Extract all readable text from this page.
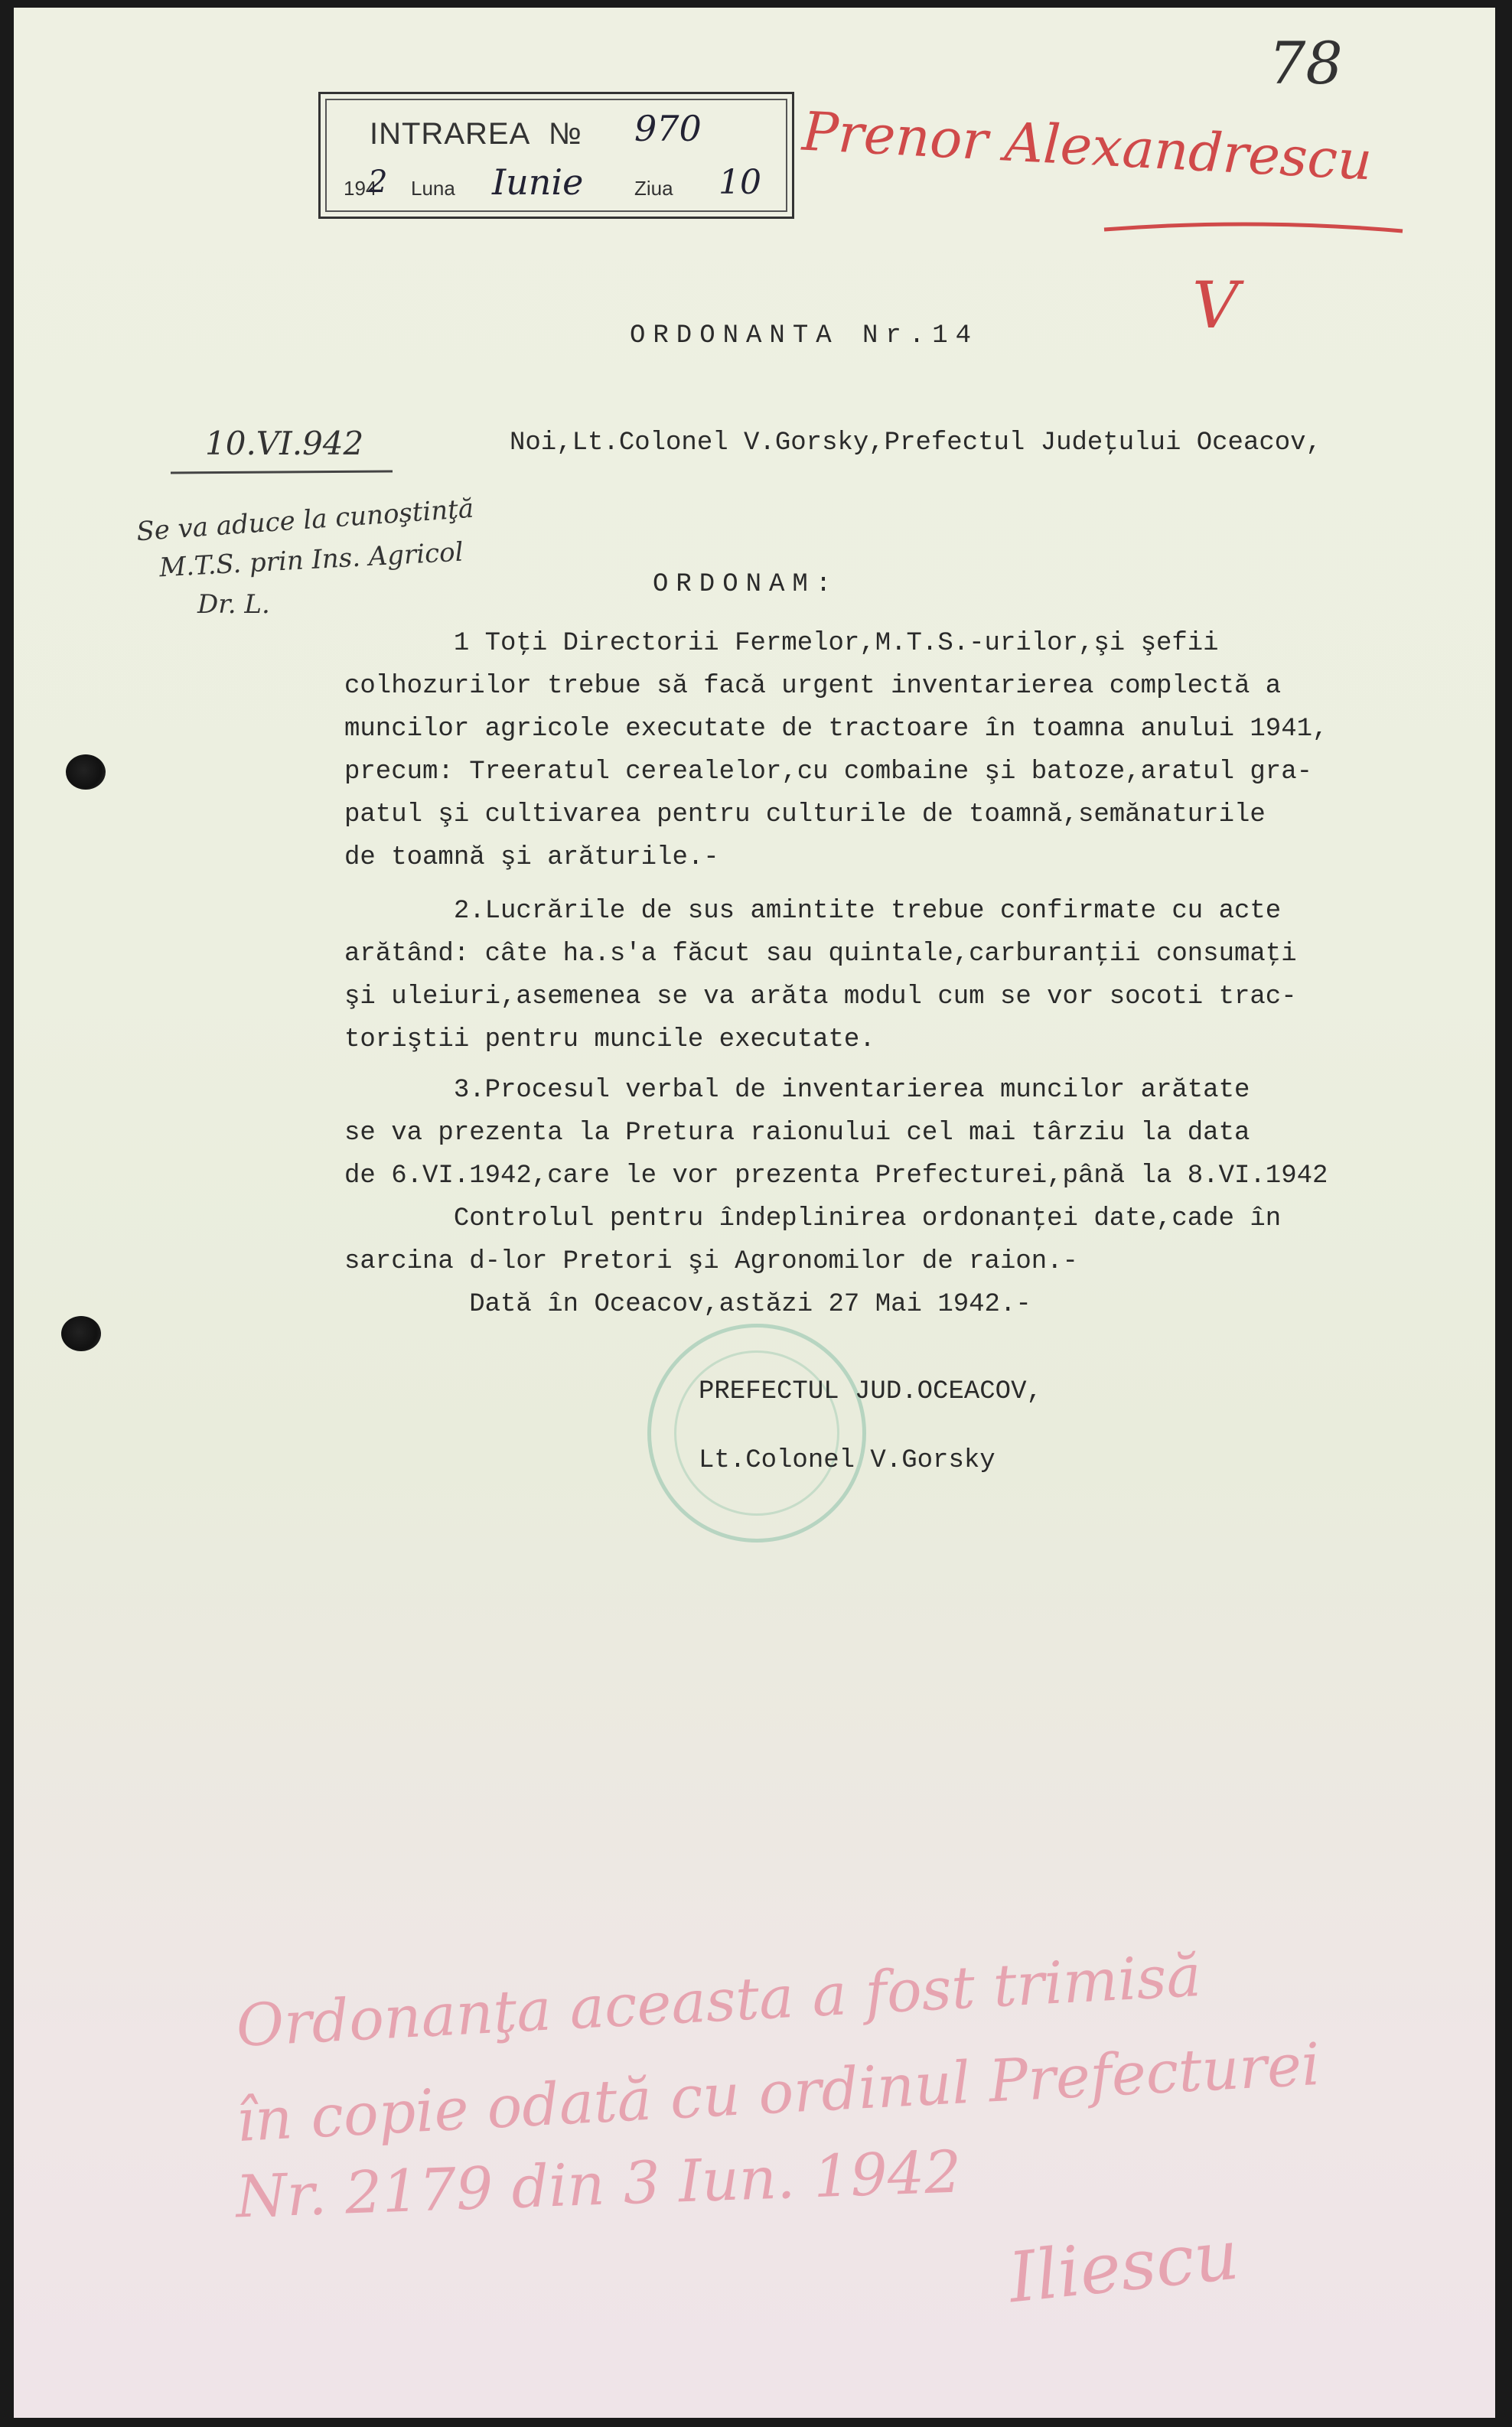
INTRAREA № 970
194
2 Luna Iunie	Ziua 10
78
Prenor Alexandrescu
V
10.VI.942
Se va aduce la cunoştinţă
M.T.S. prin Ins. Agricol
Dr. L.
ORDONANTA Nr.14
Noi,Lt.Colonel V.Gorsky,Prefectul Judeţului Oceacov,
ORDONAM:
1 Toţi Directorii Fermelor,M.T.S.-urilor,şi şefii
colhozurilor trebue să facă urgent inventarierea complectă a
muncilor agricole executate de tractoare în toamna anului 1941,
precum: Treeratul cerealelor,cu combaine şi batoze,aratul gra-
patul şi cultivarea pentru culturile de toamnă,semănaturile
de toamnă şi arăturile.-
2.Lucrările de sus amintite trebue confirmate cu acte
arătând: câte ha.s'a făcut sau quintale,carburanţii consumaţi
şi uleiuri,asemenea se va arăta modul cum se vor socoti trac-
toriştii pentru muncile executate.
3.Procesul verbal de inventarierea muncilor arătate
se va prezenta la Pretura raionului cel mai târziu la data
de 6.VI.1942,care le vor prezenta Prefecturei,până la 8.VI.1942
Controlul pentru îndeplinirea ordonanţei date,cade în
sarcina d-lor Pretori şi Agronomilor de raion.-
Dată în Oceacov,astăzi 27 Mai 1942.-
PREFECTUL JUD.OCEACOV,
Lt.Colonel V.Gorsky
Ordonanţa aceasta a fost trimisă
în copie odată cu ordinul Prefecturei
Nr. 2179 din 3 Iun. 1942
Iliescu
